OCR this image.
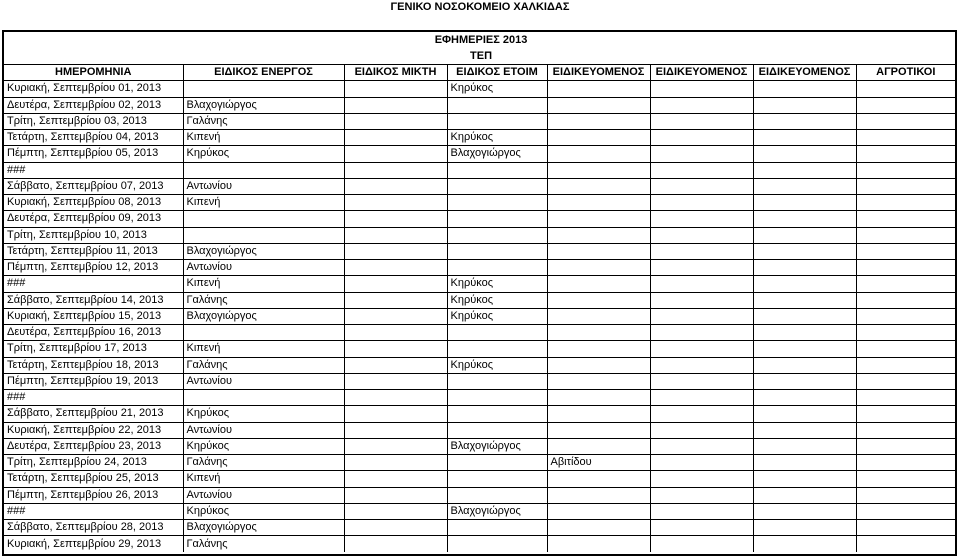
ΓΕΝΙΚΟ ΝΟΣΟΚΟΜΕΙΟ ΧΑΛΚΙΔΑΣ
ΕΦΗΜΕΡΙΕΣ 2013							
ΤΕΠ							
ΗΜΕΡΟΜΗΝΙΑ	ΕΙΔΙΚΟΣ ΕΝΕΡΓΟΣ	ΕΙΔΙΚΟΣ ΜΙΚΤΗ	ΕΙΔΙΚΟΣ ΕΤΟΙΜ	ΕΙΔΙΚΕΥΟΜΕΝΟΣ	ΕΙΔΙΚΕΥΟΜΕΝΟΣ	ΕΙΔΙΚΕΥΟΜΕΝΟΣ	ΑΓΡΟΤΙΚΟΙ
Κυριακή, Σεπτεμβρίου 01, 2013			Κηρύκος				
Δευτέρα, Σεπτεμβρίου 02, 2013	Βλαχογιώργος						
Τρίτη, Σεπτεμβρίου 03, 2013	Γαλάνης						
Τετάρτη, Σεπτεμβρίου 04, 2013	Κιπενή		Κηρύκος				
Πέμπτη, Σεπτεμβρίου 05, 2013	Κηρύκος		Βλαχογιώργος				
###							
Σάββατο, Σεπτεμβρίου 07, 2013	Αντωνίου						
Κυριακή, Σεπτεμβρίου 08, 2013	Κιπενή						
Δευτέρα, Σεπτεμβρίου 09, 2013							
Τρίτη, Σεπτεμβρίου 10, 2013							
Τετάρτη, Σεπτεμβρίου 11, 2013	Βλαχογιώργος						
Πέμπτη, Σεπτεμβρίου 12, 2013	Αντωνίου						
###	Κιπενή		Κηρύκος				
Σάββατο, Σεπτεμβρίου 14, 2013	Γαλάνης		Κηρύκος				
Κυριακή, Σεπτεμβρίου 15, 2013	Βλαχογιώργος		Κηρύκος				
Δευτέρα, Σεπτεμβρίου 16, 2013							
Τρίτη, Σεπτεμβρίου 17, 2013	Κιπενή						
Τετάρτη, Σεπτεμβρίου 18, 2013	Γαλάνης		Κηρύκος				
Πέμπτη, Σεπτεμβρίου 19, 2013	Αντωνίου						
###							
Σάββατο, Σεπτεμβρίου 21, 2013	Κηρύκος						
Κυριακή, Σεπτεμβρίου 22, 2013	Αντωνίου						
Δευτέρα, Σεπτεμβρίου 23, 2013	Κηρύκος		Βλαχογιώργος				
Τρίτη, Σεπτεμβρίου 24, 2013	Γαλάνης			Αβιτίδου			
Τετάρτη, Σεπτεμβρίου 25, 2013	Κιπενή						
Πέμπτη, Σεπτεμβρίου 26, 2013	Αντωνίου						
###	Κηρύκος		Βλαχογιώργος				
Σάββατο, Σεπτεμβρίου 28, 2013	Βλαχογιώργος						
Κυριακή, Σεπτεμβρίου 29, 2013	Γαλάνης						
